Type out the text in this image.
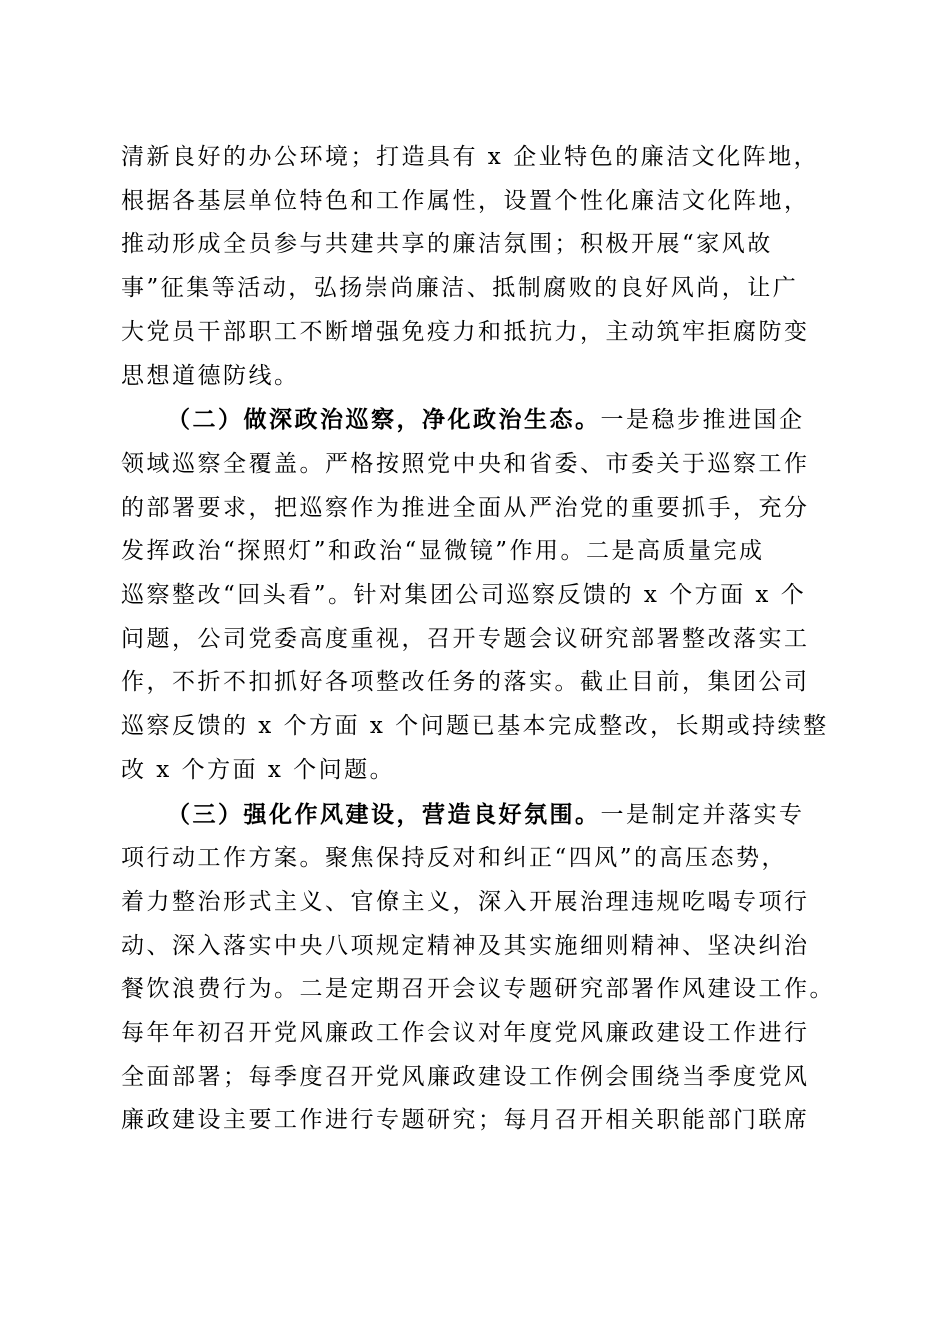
清新良好的办公环境；打造具有 x 企业特色的廉洁文化阵地，
根据各基层单位特色和工作属性，设置个性化廉洁文化阵地，
推动形成全员参与共建共享的廉洁氛围；积极开展“家风故
事”征集等活动，弘扬崇尚廉洁、抵制腐败的良好风尚，让广
大党员干部职工不断增强免疫力和抵抗力，主动筑牢拒腐防变
思想道德防线。
（二）做深政治巡察，净化政治生态。一是稳步推进国企
领域巡察全覆盖。严格按照党中央和省委、市委关于巡察工作
的部署要求，把巡察作为推进全面从严治党的重要抓手，充分
发挥政治“探照灯”和政治“显微镜”作用。二是高质量完成
巡察整改“回头看”。针对集团公司巡察反馈的 x 个方面 x 个
问题，公司党委高度重视，召开专题会议研究部署整改落实工
作，不折不扣抓好各项整改任务的落实。截止目前，集团公司
巡察反馈的 x 个方面 x 个问题已基本完成整改，长期或持续整
改 x 个方面 x 个问题。
（三）强化作风建设，营造良好氛围。一是制定并落实专
项行动工作方案。聚焦保持反对和纠正“四风”的高压态势，
着力整治形式主义、官僚主义，深入开展治理违规吃喝专项行
动、深入落实中央八项规定精神及其实施细则精神、坚决纠治
餐饮浪费行为。二是定期召开会议专题研究部署作风建设工作。
每年年初召开党风廉政工作会议对年度党风廉政建设工作进行
全面部署；每季度召开党风廉政建设工作例会围绕当季度党风
廉政建设主要工作进行专题研究；每月召开相关职能部门联席
